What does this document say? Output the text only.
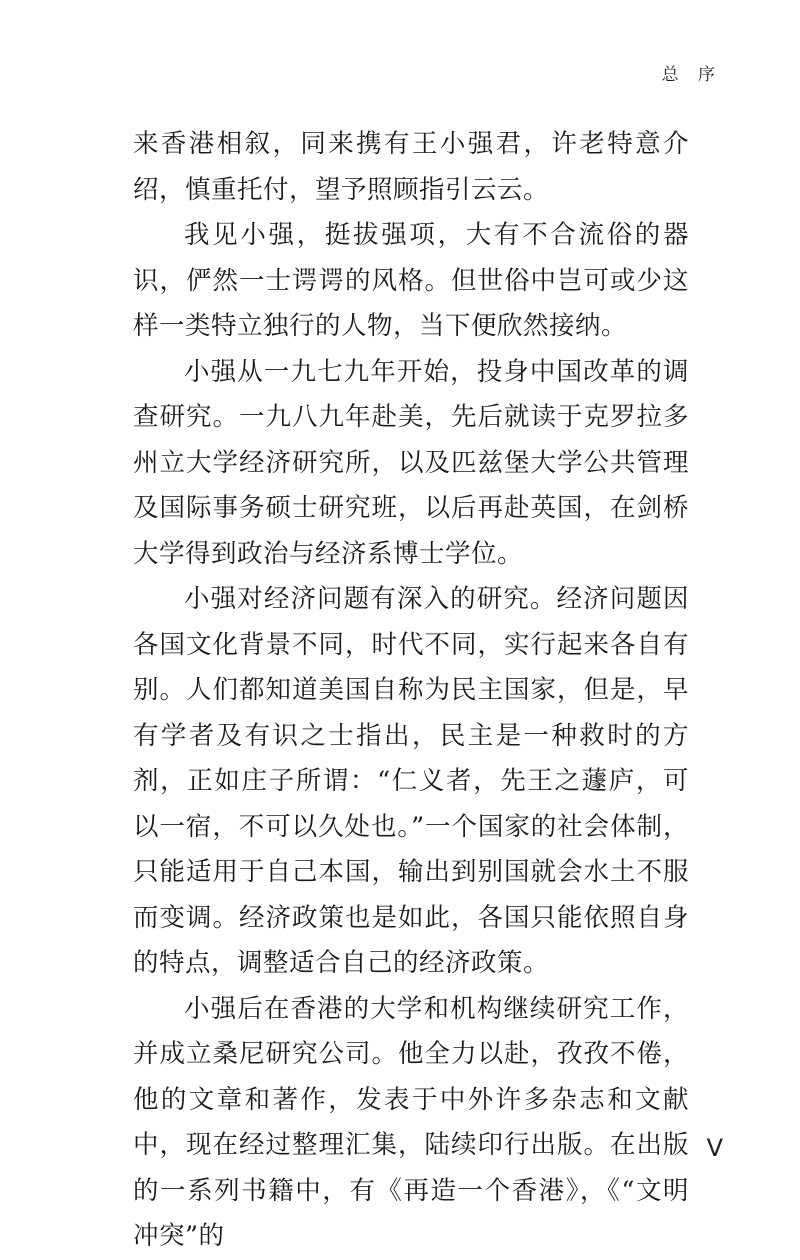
总 序

来香港相叙，同来携有王小强君，许老特意介绍，慎重托付，望予照顾指引云云。

我见小强，挺拔强项，大有不合流俗的器识，俨然一士谔谔的风格。但世俗中岂可或少这样一类特立独行的人物，当下便欣然接纳。

小强从一九七九年开始，投身中国改革的调查研究。一九八九年赴美，先后就读于克罗拉多州立大学经济研究所，以及匹兹堡大学公共管理及国际事务硕士研究班，以后再赴英国，在剑桥大学得到政治与经济系博士学位。

小强对经济问题有深入的研究。经济问题因各国文化背景不同，时代不同，实行起来各自有别。人们都知道美国自称为民主国家，但是，早有学者及有识之士指出，民主是一种救时的方剂，正如庄子所谓：“仁义者，先王之蘧庐，可以一宿，不可以久处也。”一个国家的社会体制，只能适用于自己本国，输出到别国就会水土不服而变调。经济政策也是如此，各国只能依照自身的特点，调整适合自己的经济政策。

小强后在香港的大学和机构继续研究工作，并成立桑尼研究公司。他全力以赴，孜孜不倦，他的文章和著作，发表于中外许多杂志和文献中，现在经过整理汇集，陆续印行出版。在出版的一系列书籍中，有《再造一个香港》，《“文明冲突”的

V
